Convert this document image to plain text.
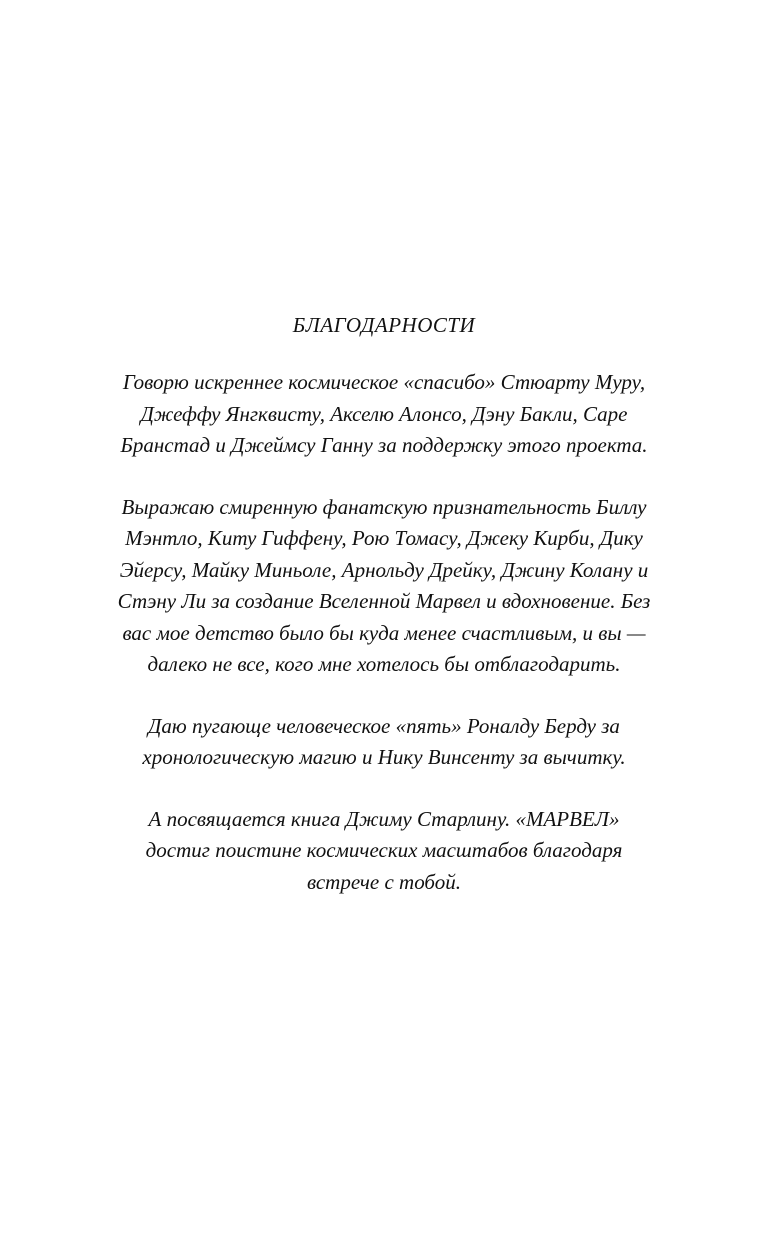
БЛАГОДАРНОСТИ
Говорю искреннее космическое «спасибо» Стюарту Муру,
Джеффу Янгквисту, Акселю Алонсо, Дэну Бакли, Саре
Бранстад и Джеймсу Ганну за поддержку этого проекта.
Выражаю смиренную фанатскую признательность Биллу
Мэнтло, Киту Гиффену, Рою Томасу, Джеку Кирби, Дику
Эйерсу, Майку Миньоле, Арнольду Дрейку, Джину Колану и
Стэну Ли за создание Вселенной Марвел и вдохновение. Без
вас мое детство было бы куда менее счастливым, и вы —
далеко не все, кого мне хотелось бы отблагодарить.
Даю пугающе человеческое «пять» Роналду Берду за
хронологическую магию и Нику Винсенту за вычитку.
А посвящается книга Джиму Старлину. «МАРВЕЛ»
достиг поистине космических масштабов благодаря
встрече с тобой.
